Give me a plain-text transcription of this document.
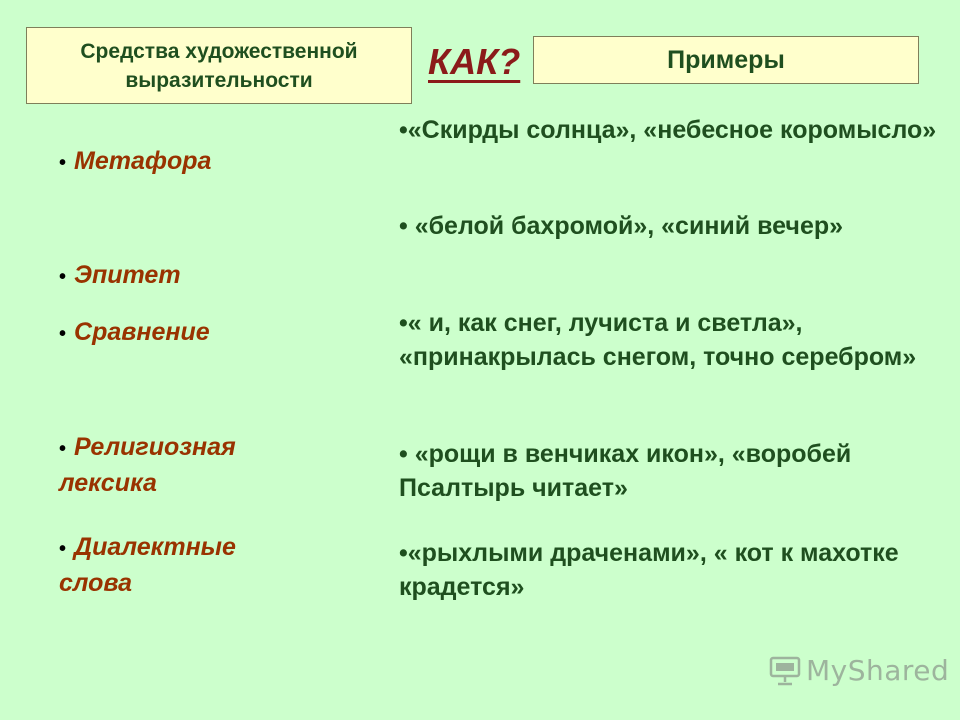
Средства художественной выразительности	КАК?	Примеры
• Метафора
• Эпитет
• Сравнение
• Религиозная лексика
• Диалектные слова
•«Скирды солнца», «небесное коромысло»
• «белой бахромой», «синий вечер»
•« и, как снег, лучиста и светла», «принакрылась снегом, точно серебром»
• «рощи в венчиках икон», «воробей Псалтырь читает»
•«рыхлыми драченами», « кот к махотке крадется»
MyShared
